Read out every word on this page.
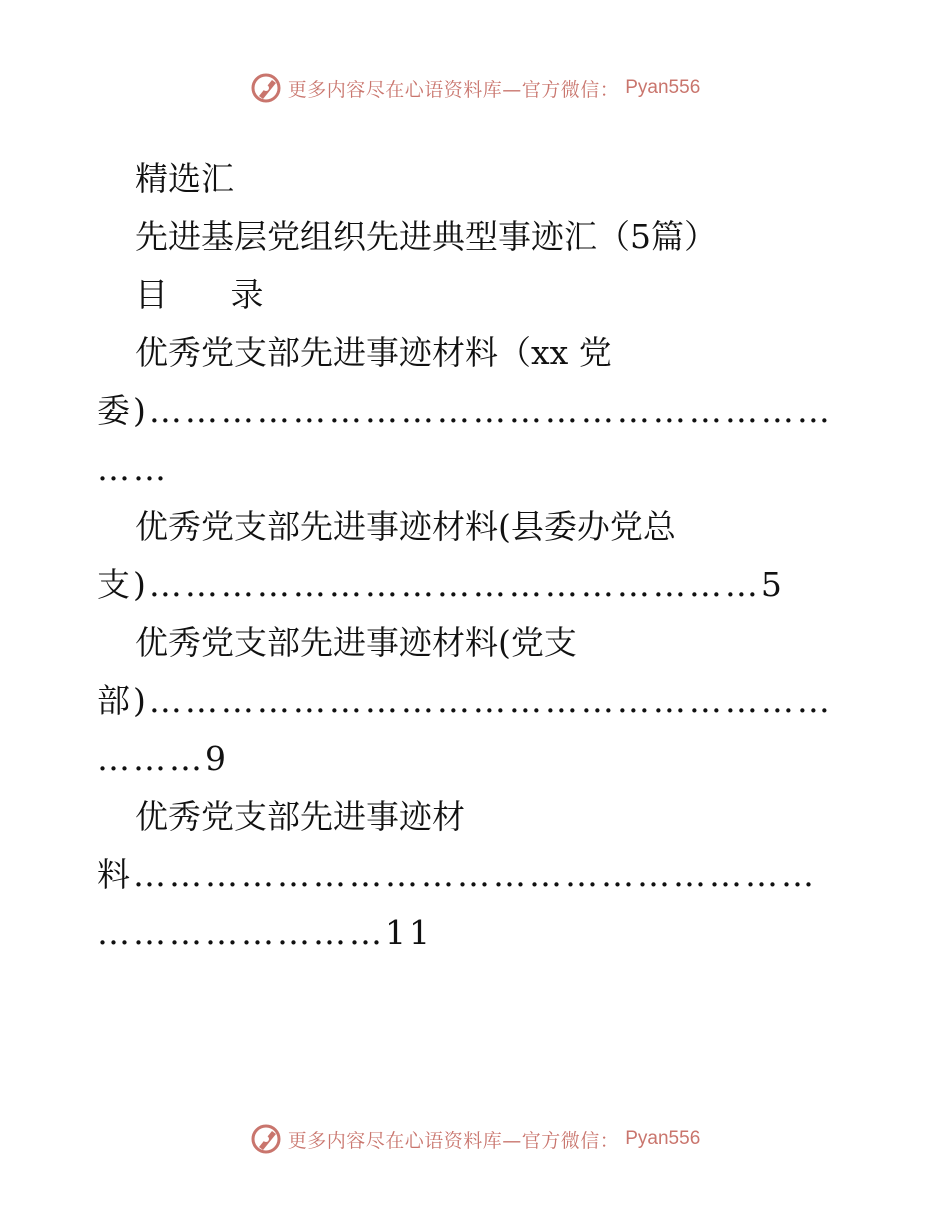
更多内容尽在心语资料库—官方微信： Pyan556
精选汇
先进基层党组织先进典型事迹汇（5篇）
目 录
优秀党支部先进事迹材料（xx 党
委)…………………………………………………
……
优秀党支部先进事迹材料(县委办党总
支)……………………………………………5
优秀党支部先进事迹材料(党支
部)…………………………………………………
………9
优秀党支部先进事迹材
料…………………………………………………
……………………11
更多内容尽在心语资料库—官方微信： Pyan556
